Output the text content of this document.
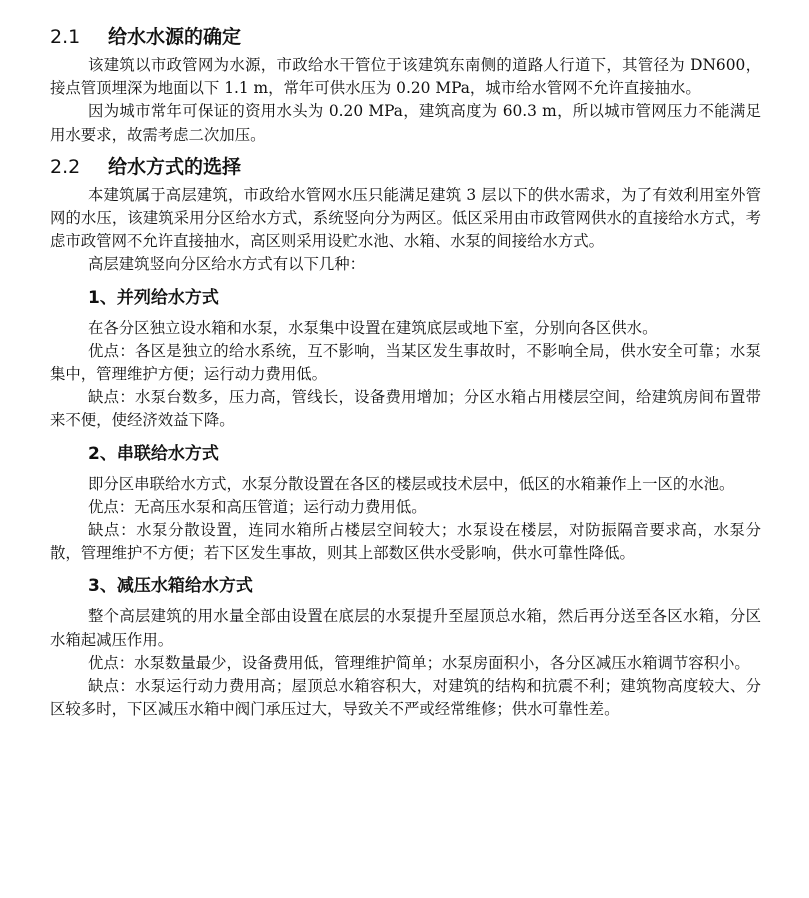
2.1 给水水源的确定

该建筑以市政管网为水源，市政给水干管位于该建筑东南侧的道路人行道下，其管径为 DN600，接点管顶埋深为地面以下 1.1 m，常年可供水压为 0.20 MPa，城市给水管网不允许直接抽水。

因为城市常年可保证的资用水头为 0.20 MPa，建筑高度为 60.3 m，所以城市管网压力不能满足用水要求，故需考虑二次加压。

2.2 给水方式的选择

本建筑属于高层建筑，市政给水管网水压只能满足建筑 3 层以下的供水需求，为了有效利用室外管网的水压，该建筑采用分区给水方式，系统竖向分为两区。低区采用由市政管网供水的直接给水方式，考虑市政管网不允许直接抽水，高区则采用设贮水池、水箱、水泵的间接给水方式。

高层建筑竖向分区给水方式有以下几种：

1、并列给水方式

在各分区独立设水箱和水泵，水泵集中设置在建筑底层或地下室，分别向各区供水。

优点：各区是独立的给水系统，互不影响，当某区发生事故时，不影响全局，供水安全可靠；水泵集中，管理维护方便；运行动力费用低。

缺点：水泵台数多，压力高，管线长，设备费用增加；分区水箱占用楼层空间，给建筑房间布置带来不便，使经济效益下降。

2、串联给水方式

即分区串联给水方式，水泵分散设置在各区的楼层或技术层中，低区的水箱兼作上一区的水池。

优点：无高压水泵和高压管道；运行动力费用低。

缺点：水泵分散设置，连同水箱所占楼层空间较大；水泵设在楼层，对防振隔音要求高，水泵分散，管理维护不方便；若下区发生事故，则其上部数区供水受影响，供水可靠性降低。

3、减压水箱给水方式

整个高层建筑的用水量全部由设置在底层的水泵提升至屋顶总水箱，然后再分送至各区水箱，分区水箱起减压作用。

优点：水泵数量最少，设备费用低，管理维护简单；水泵房面积小，各分区减压水箱调节容积小。

缺点：水泵运行动力费用高；屋顶总水箱容积大，对建筑的结构和抗震不利；建筑物高度较大、分区较多时，下区减压水箱中阀门承压过大，导致关不严或经常维修；供水可靠性差。
